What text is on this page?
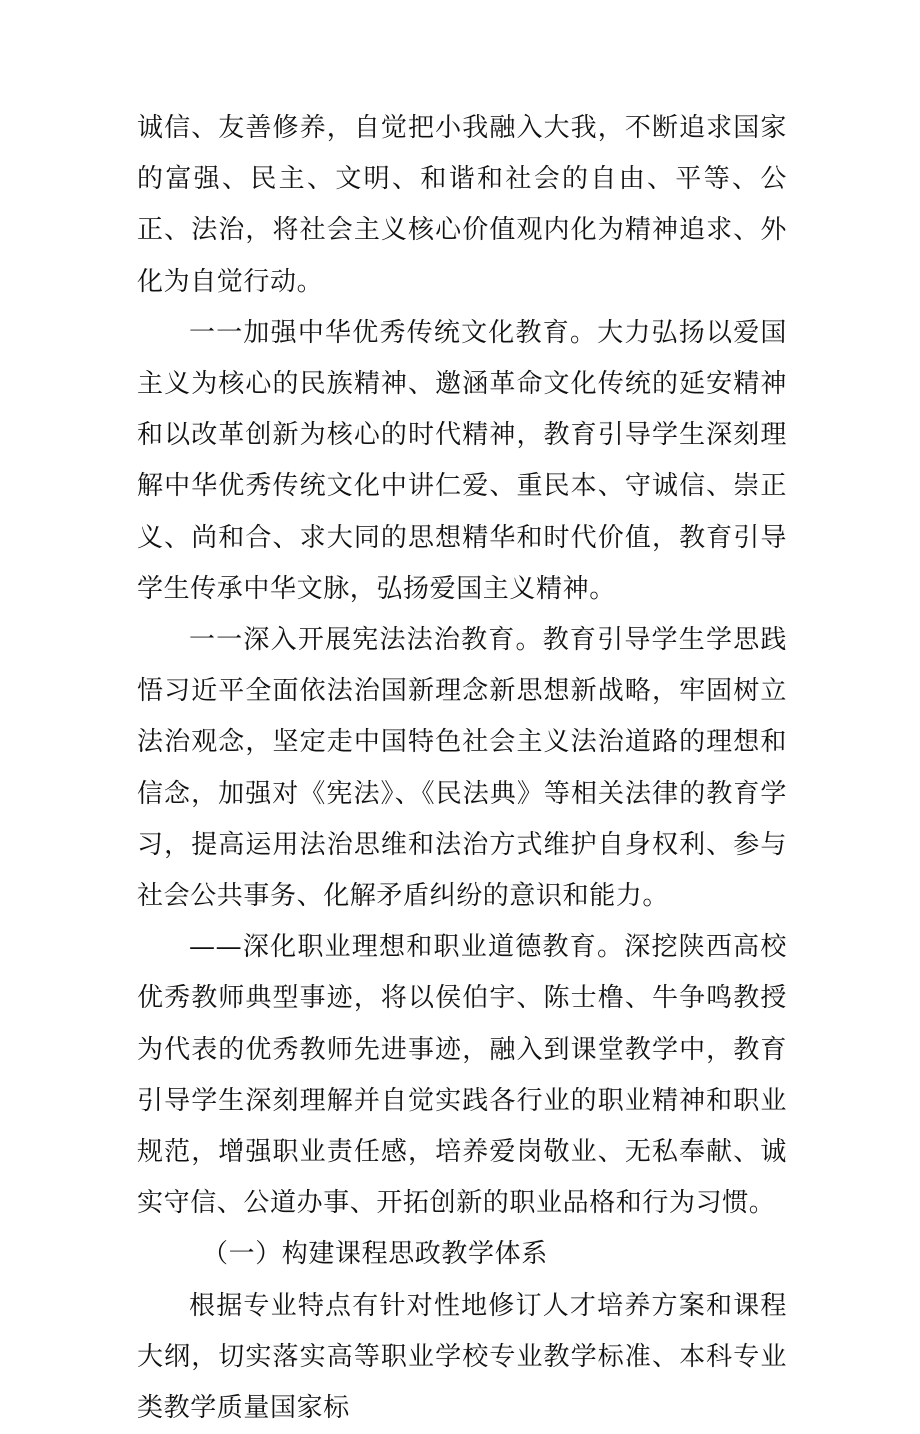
诚信、友善修养，自觉把小我融入大我，不断追求国家的富强、民主、文明、和谐和社会的自由、平等、公正、法治，将社会主义核心价值观内化为精神追求、外化为自觉行动。

一一加强中华优秀传统文化教育。大力弘扬以爱国主义为核心的民族精神、邀涵革命文化传统的延安精神和以改革创新为核心的时代精神，教育引导学生深刻理解中华优秀传统文化中讲仁爱、重民本、守诚信、崇正义、尚和合、求大同的思想精华和时代价值，教育引导学生传承中华文脉，弘扬爱国主义精神。

一一深入开展宪法法治教育。教育引导学生学思践悟习近平全面依法治国新理念新思想新战略，牢固树立法治观念，坚定走中国特色社会主义法治道路的理想和信念，加强对《宪法》、《民法典》等相关法律的教育学习，提高运用法治思维和法治方式维护自身权利、参与社会公共事务、化解矛盾纠纷的意识和能力。

——深化职业理想和职业道德教育。深挖陕西高校优秀教师典型事迹，将以侯伯宇、陈士橹、牛争鸣教授为代表的优秀教师先进事迹，融入到课堂教学中，教育引导学生深刻理解并自觉实践各行业的职业精神和职业规范，增强职业责任感，培养爱岗敬业、无私奉献、诚实守信、公道办事、开拓创新的职业品格和行为习惯。

（一）构建课程思政教学体系

根据专业特点有针对性地修订人才培养方案和课程大纲，切实落实高等职业学校专业教学标准、本科专业类教学质量国家标
